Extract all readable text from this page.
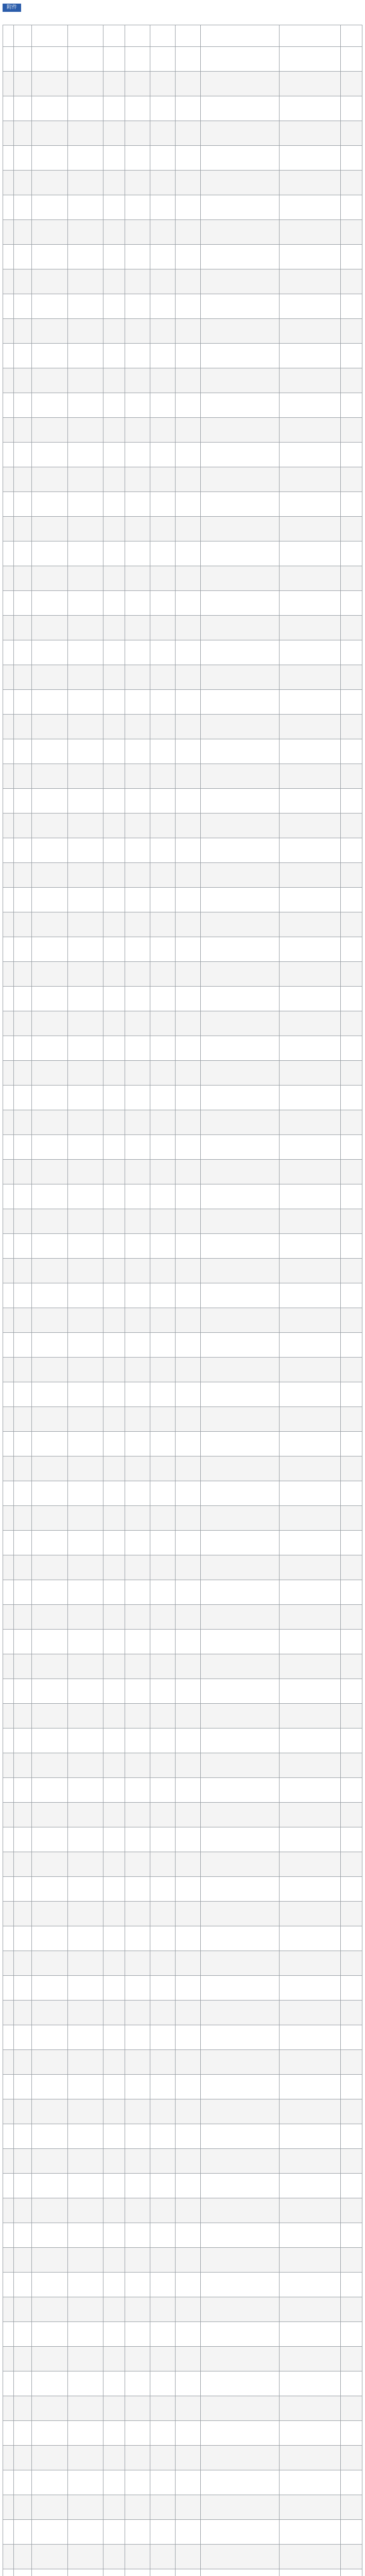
附件
